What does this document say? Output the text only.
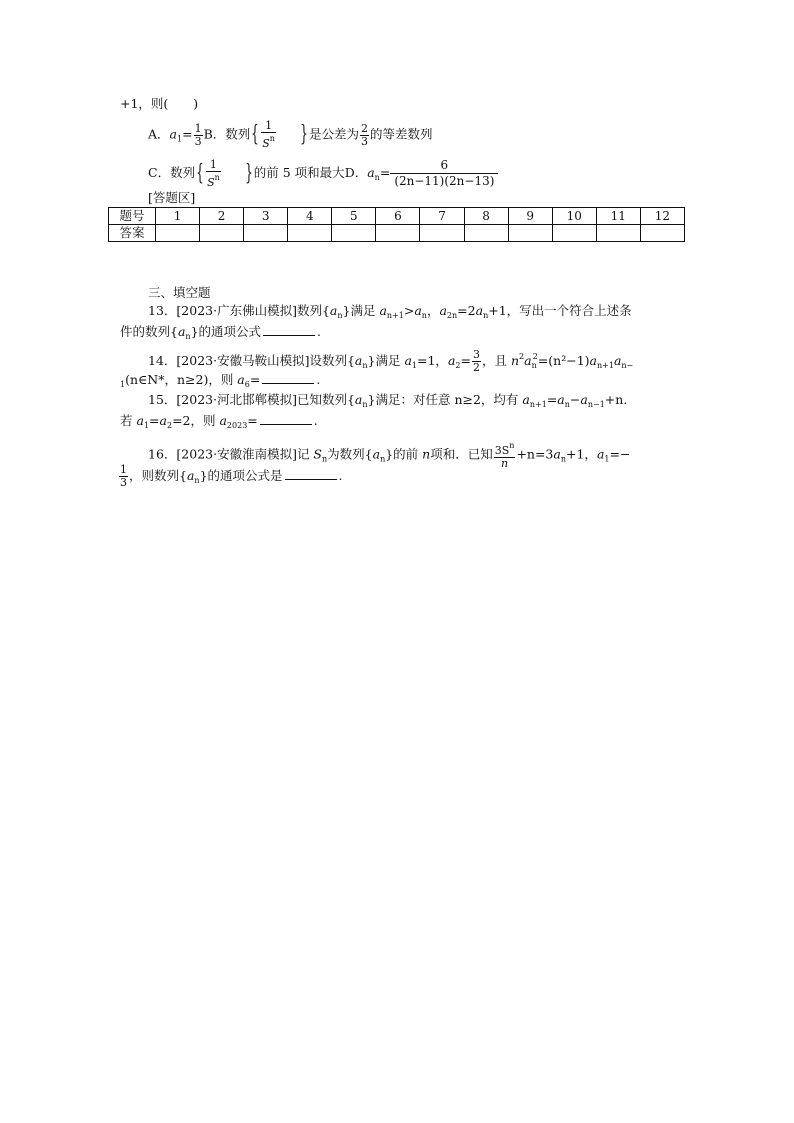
+1，则(　　)
A．$a_1= \frac{1}{3}$ B．数列{ $\frac{1}{S^n}$ }是公差为 $\frac{2}{3}$ 的等差数列
C．数列{ $\frac{1}{S^n}$ }的前 5 项和最大D．$a_n= \frac{6}{(2n-11)(2n-13)}$
[答题区]
题号	1	2	3	4	5	6	7	8	9	10	11	12
答案												
三、填空题
13．[2023·广东佛山模拟]数列$\{a_n\}$满足 $a_{n+1}>a_n$，$a_{2n}=2a_n+1$，写出一个符合上述条
件的数列$\{a_n\}$的通项公式	.
14．[2023·安徽马鞍山模拟]设数列$\{a_n\}$满足 $a_1=1$，$a_2= \frac{3}{2}$ ，且 $n^2a_n^2=(n^2-1)a_{n+1}a_{n-}$
$_1$(n∈N*，n≥2)，则 $a_6=$	.
15．[2023·河北邯郸模拟]已知数列$\{a_n\}$满足：对任意 n≥2，均有 $a_{n+1}=a_n-a_{n-1}+n$.
若 $a_1=a_2=2$，则 $a_{2023}=$	.
16．[2023·安徽淮南模拟]记 $S_n$为数列$\{a_n\}$的前 n项和．已知 $\frac{3S^n}{n} +n=3a_n+1$，$a_1=-$
$\frac{1}{3}$ ，则数列$\{a_n\}$的通项公式是	.
